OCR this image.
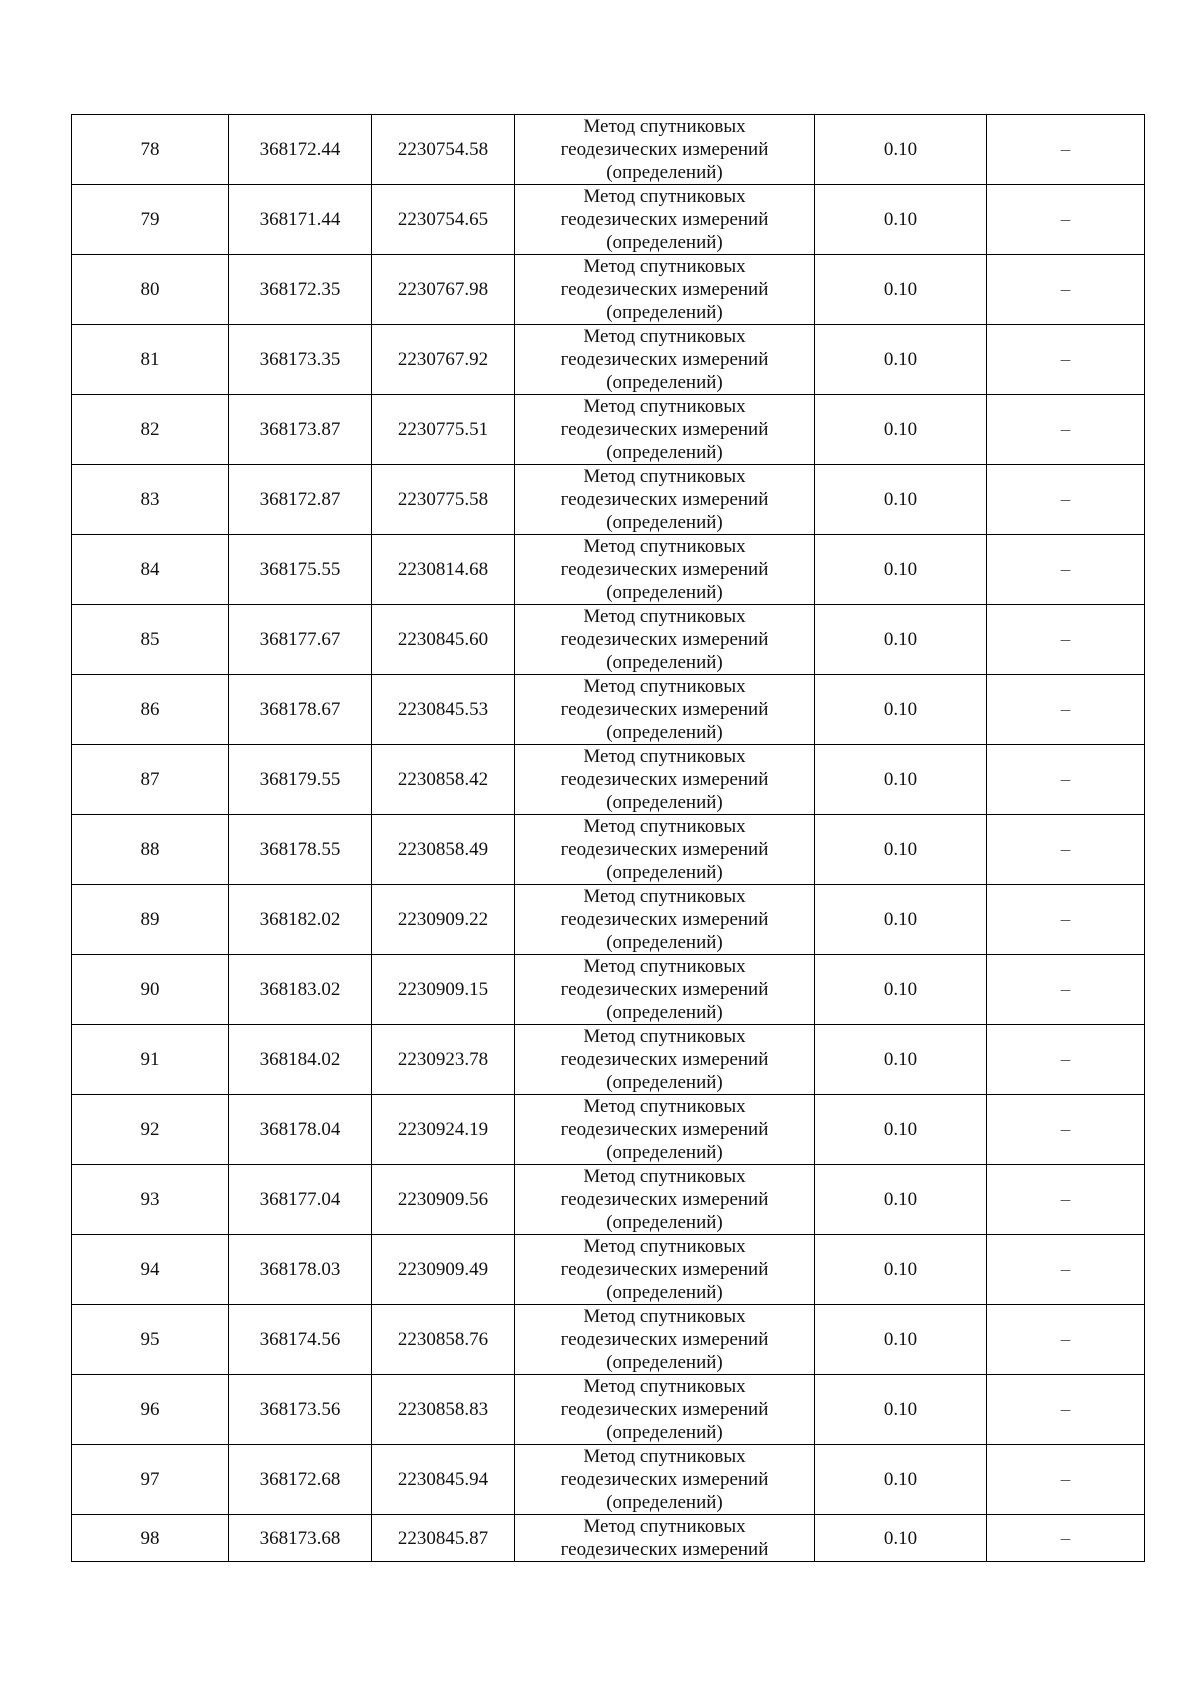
78	368172.44	2230754.58	Метод спутниковых
геодезических измерений
(определений)	0.10	–
79	368171.44	2230754.65	Метод спутниковых
геодезических измерений
(определений)	0.10	–
80	368172.35	2230767.98	Метод спутниковых
геодезических измерений
(определений)	0.10	–
81	368173.35	2230767.92	Метод спутниковых
геодезических измерений
(определений)	0.10	–
82	368173.87	2230775.51	Метод спутниковых
геодезических измерений
(определений)	0.10	–
83	368172.87	2230775.58	Метод спутниковых
геодезических измерений
(определений)	0.10	–
84	368175.55	2230814.68	Метод спутниковых
геодезических измерений
(определений)	0.10	–
85	368177.67	2230845.60	Метод спутниковых
геодезических измерений
(определений)	0.10	–
86	368178.67	2230845.53	Метод спутниковых
геодезических измерений
(определений)	0.10	–
87	368179.55	2230858.42	Метод спутниковых
геодезических измерений
(определений)	0.10	–
88	368178.55	2230858.49	Метод спутниковых
геодезических измерений
(определений)	0.10	–
89	368182.02	2230909.22	Метод спутниковых
геодезических измерений
(определений)	0.10	–
90	368183.02	2230909.15	Метод спутниковых
геодезических измерений
(определений)	0.10	–
91	368184.02	2230923.78	Метод спутниковых
геодезических измерений
(определений)	0.10	–
92	368178.04	2230924.19	Метод спутниковых
геодезических измерений
(определений)	0.10	–
93	368177.04	2230909.56	Метод спутниковых
геодезических измерений
(определений)	0.10	–
94	368178.03	2230909.49	Метод спутниковых
геодезических измерений
(определений)	0.10	–
95	368174.56	2230858.76	Метод спутниковых
геодезических измерений
(определений)	0.10	–
96	368173.56	2230858.83	Метод спутниковых
геодезических измерений
(определений)	0.10	–
97	368172.68	2230845.94	Метод спутниковых
геодезических измерений
(определений)	0.10	–
98	368173.68	2230845.87	Метод спутниковых
геодезических измерений	0.10	–
